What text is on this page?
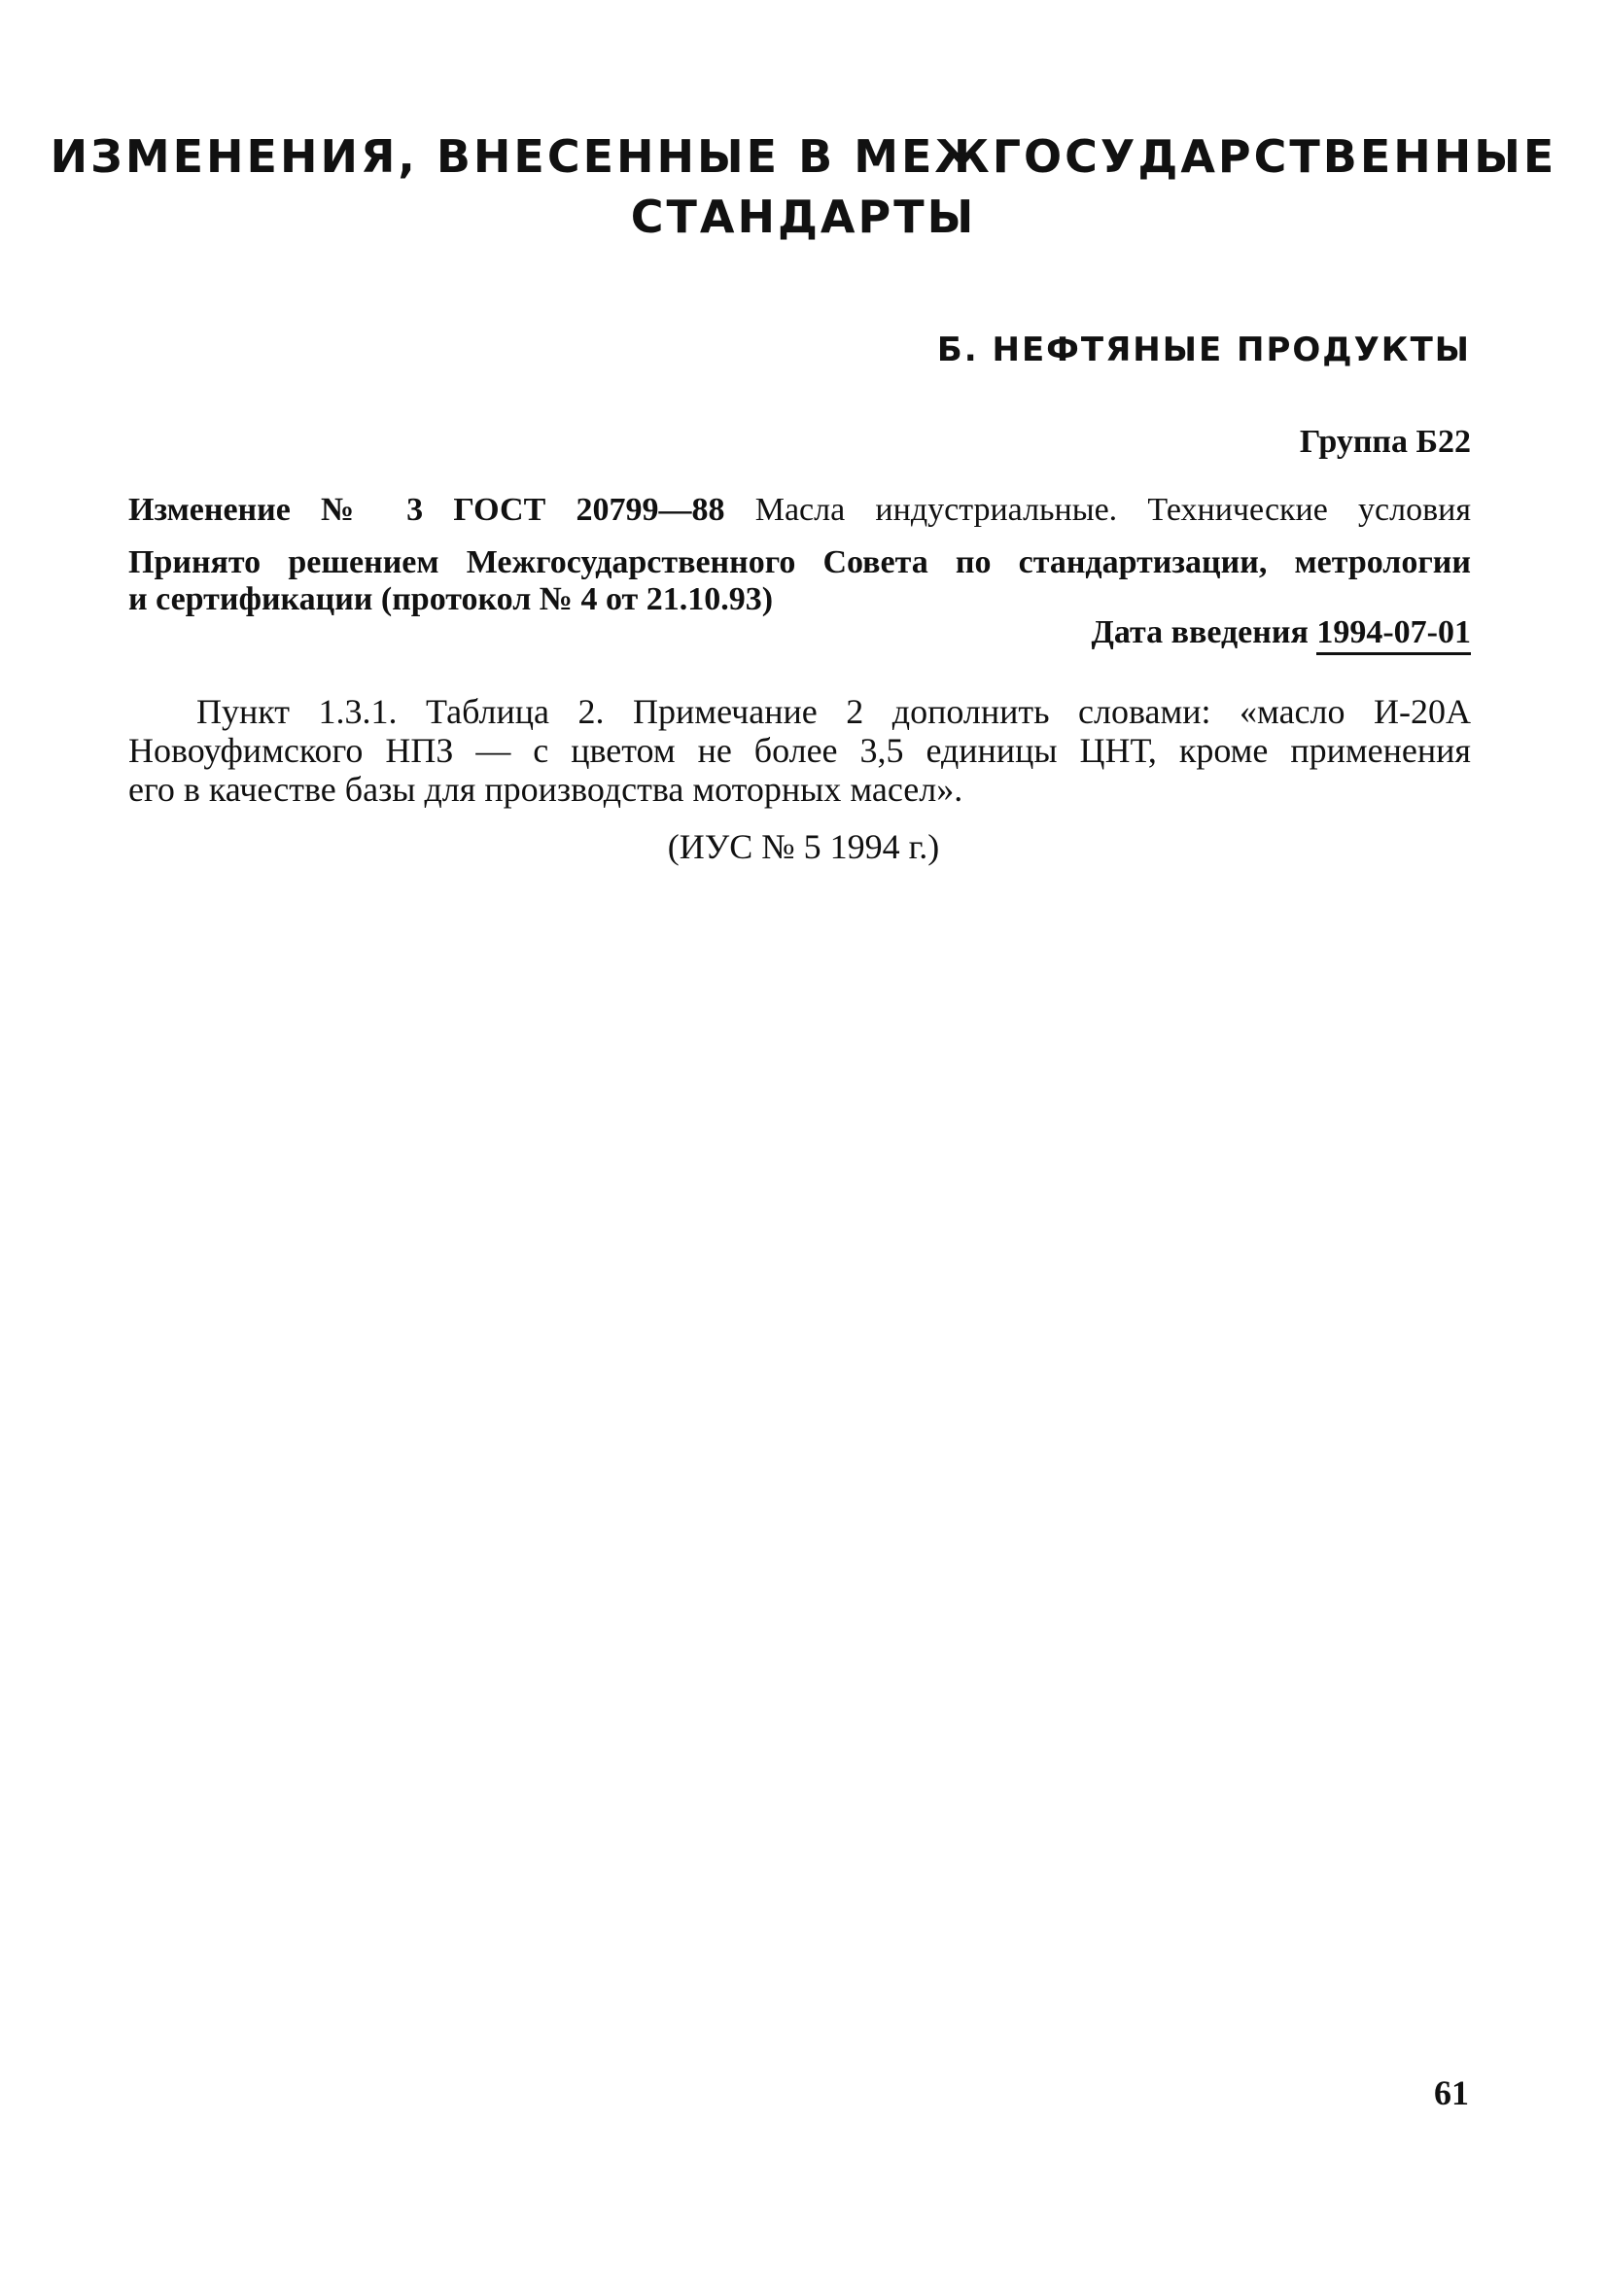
ИЗМЕНЕНИЯ, ВНЕСЕННЫЕ В МЕЖГОСУДАРСТВЕННЫЕ
СТАНДАРТЫ
Б. НЕФТЯНЫЕ ПРОДУКТЫ
Группа Б22
Изменение № 3 ГОСТ 20799—88 Масла индустриальные. Технические условия
Принято решением Межгосударственного Совета по стандартизации, метрологии
и сертификации (протокол № 4 от 21.10.93)
Дата введения 1994-07-01
Пункт 1.3.1. Таблица 2. Примечание 2 дополнить словами: «масло И-20А
Новоуфимского НПЗ — с цветом не более 3,5 единицы ЦНТ, кроме применения
его в качестве базы для производства моторных масел».
(ИУС № 5 1994 г.)
61
